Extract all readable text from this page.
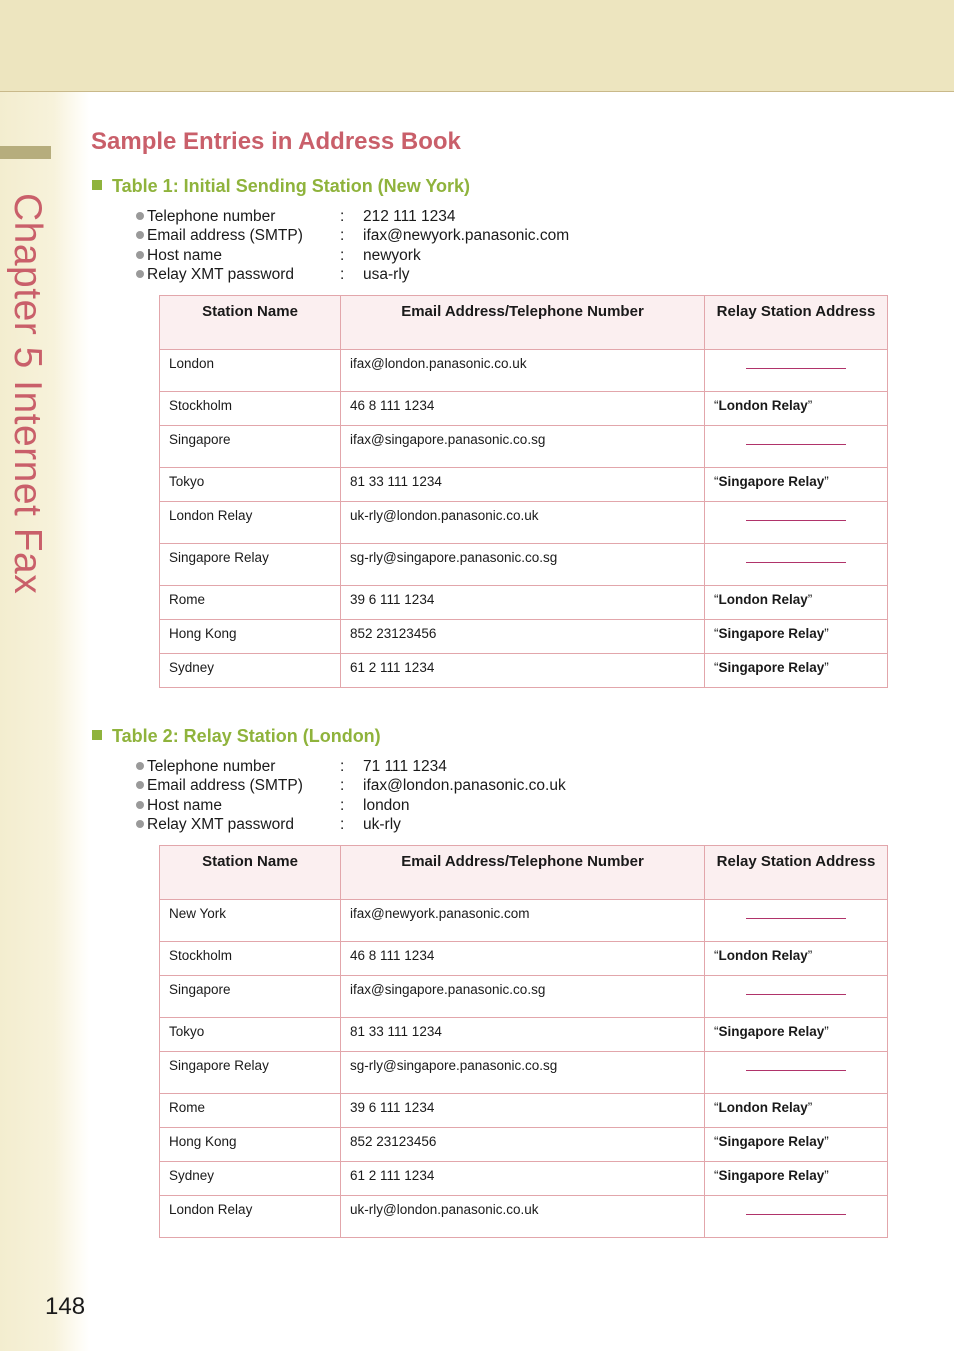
Chapter 5 Internet Fax
Sample Entries in Address Book
Table 1: Initial Sending Station (New York)
Telephone number	: 212 111 1234
Email address (SMTP) : ifax@newyork.panasonic.com
Host name	: newyork
Relay XMT password	: usa-rly
Station Name	Email Address/Telephone Number	Relay Station Address
London	ifax@london.panasonic.co.uk	

Stockholm	46 8 111 1234	“London Relay”
Singapore	ifax@singapore.panasonic.co.sg	

Tokyo	81 33 111 1234	“Singapore Relay”
London Relay	uk-rly@london.panasonic.co.uk	

Singapore Relay	sg-rly@singapore.panasonic.co.sg	

Rome	39 6 111 1234	“London Relay”
Hong Kong	852 23123456	“Singapore Relay”
Sydney	61 2 111 1234	“Singapore Relay”
Table 2: Relay Station (London)
Telephone number	: 71 111 1234
Email address (SMTP) : ifax@london.panasonic.co.uk
Host name	: london
Relay XMT password	: uk-rly
Station Name	Email Address/Telephone Number	Relay Station Address
New York	ifax@newyork.panasonic.com	

Stockholm	46 8 111 1234	“London Relay”
Singapore	ifax@singapore.panasonic.co.sg	

Tokyo	81 33 111 1234	“Singapore Relay”
Singapore Relay	sg-rly@singapore.panasonic.co.sg	

Rome	39 6 111 1234	“London Relay”
Hong Kong	852 23123456	“Singapore Relay”
Sydney	61 2 111 1234	“Singapore Relay”
London Relay	uk-rly@london.panasonic.co.uk	
148
